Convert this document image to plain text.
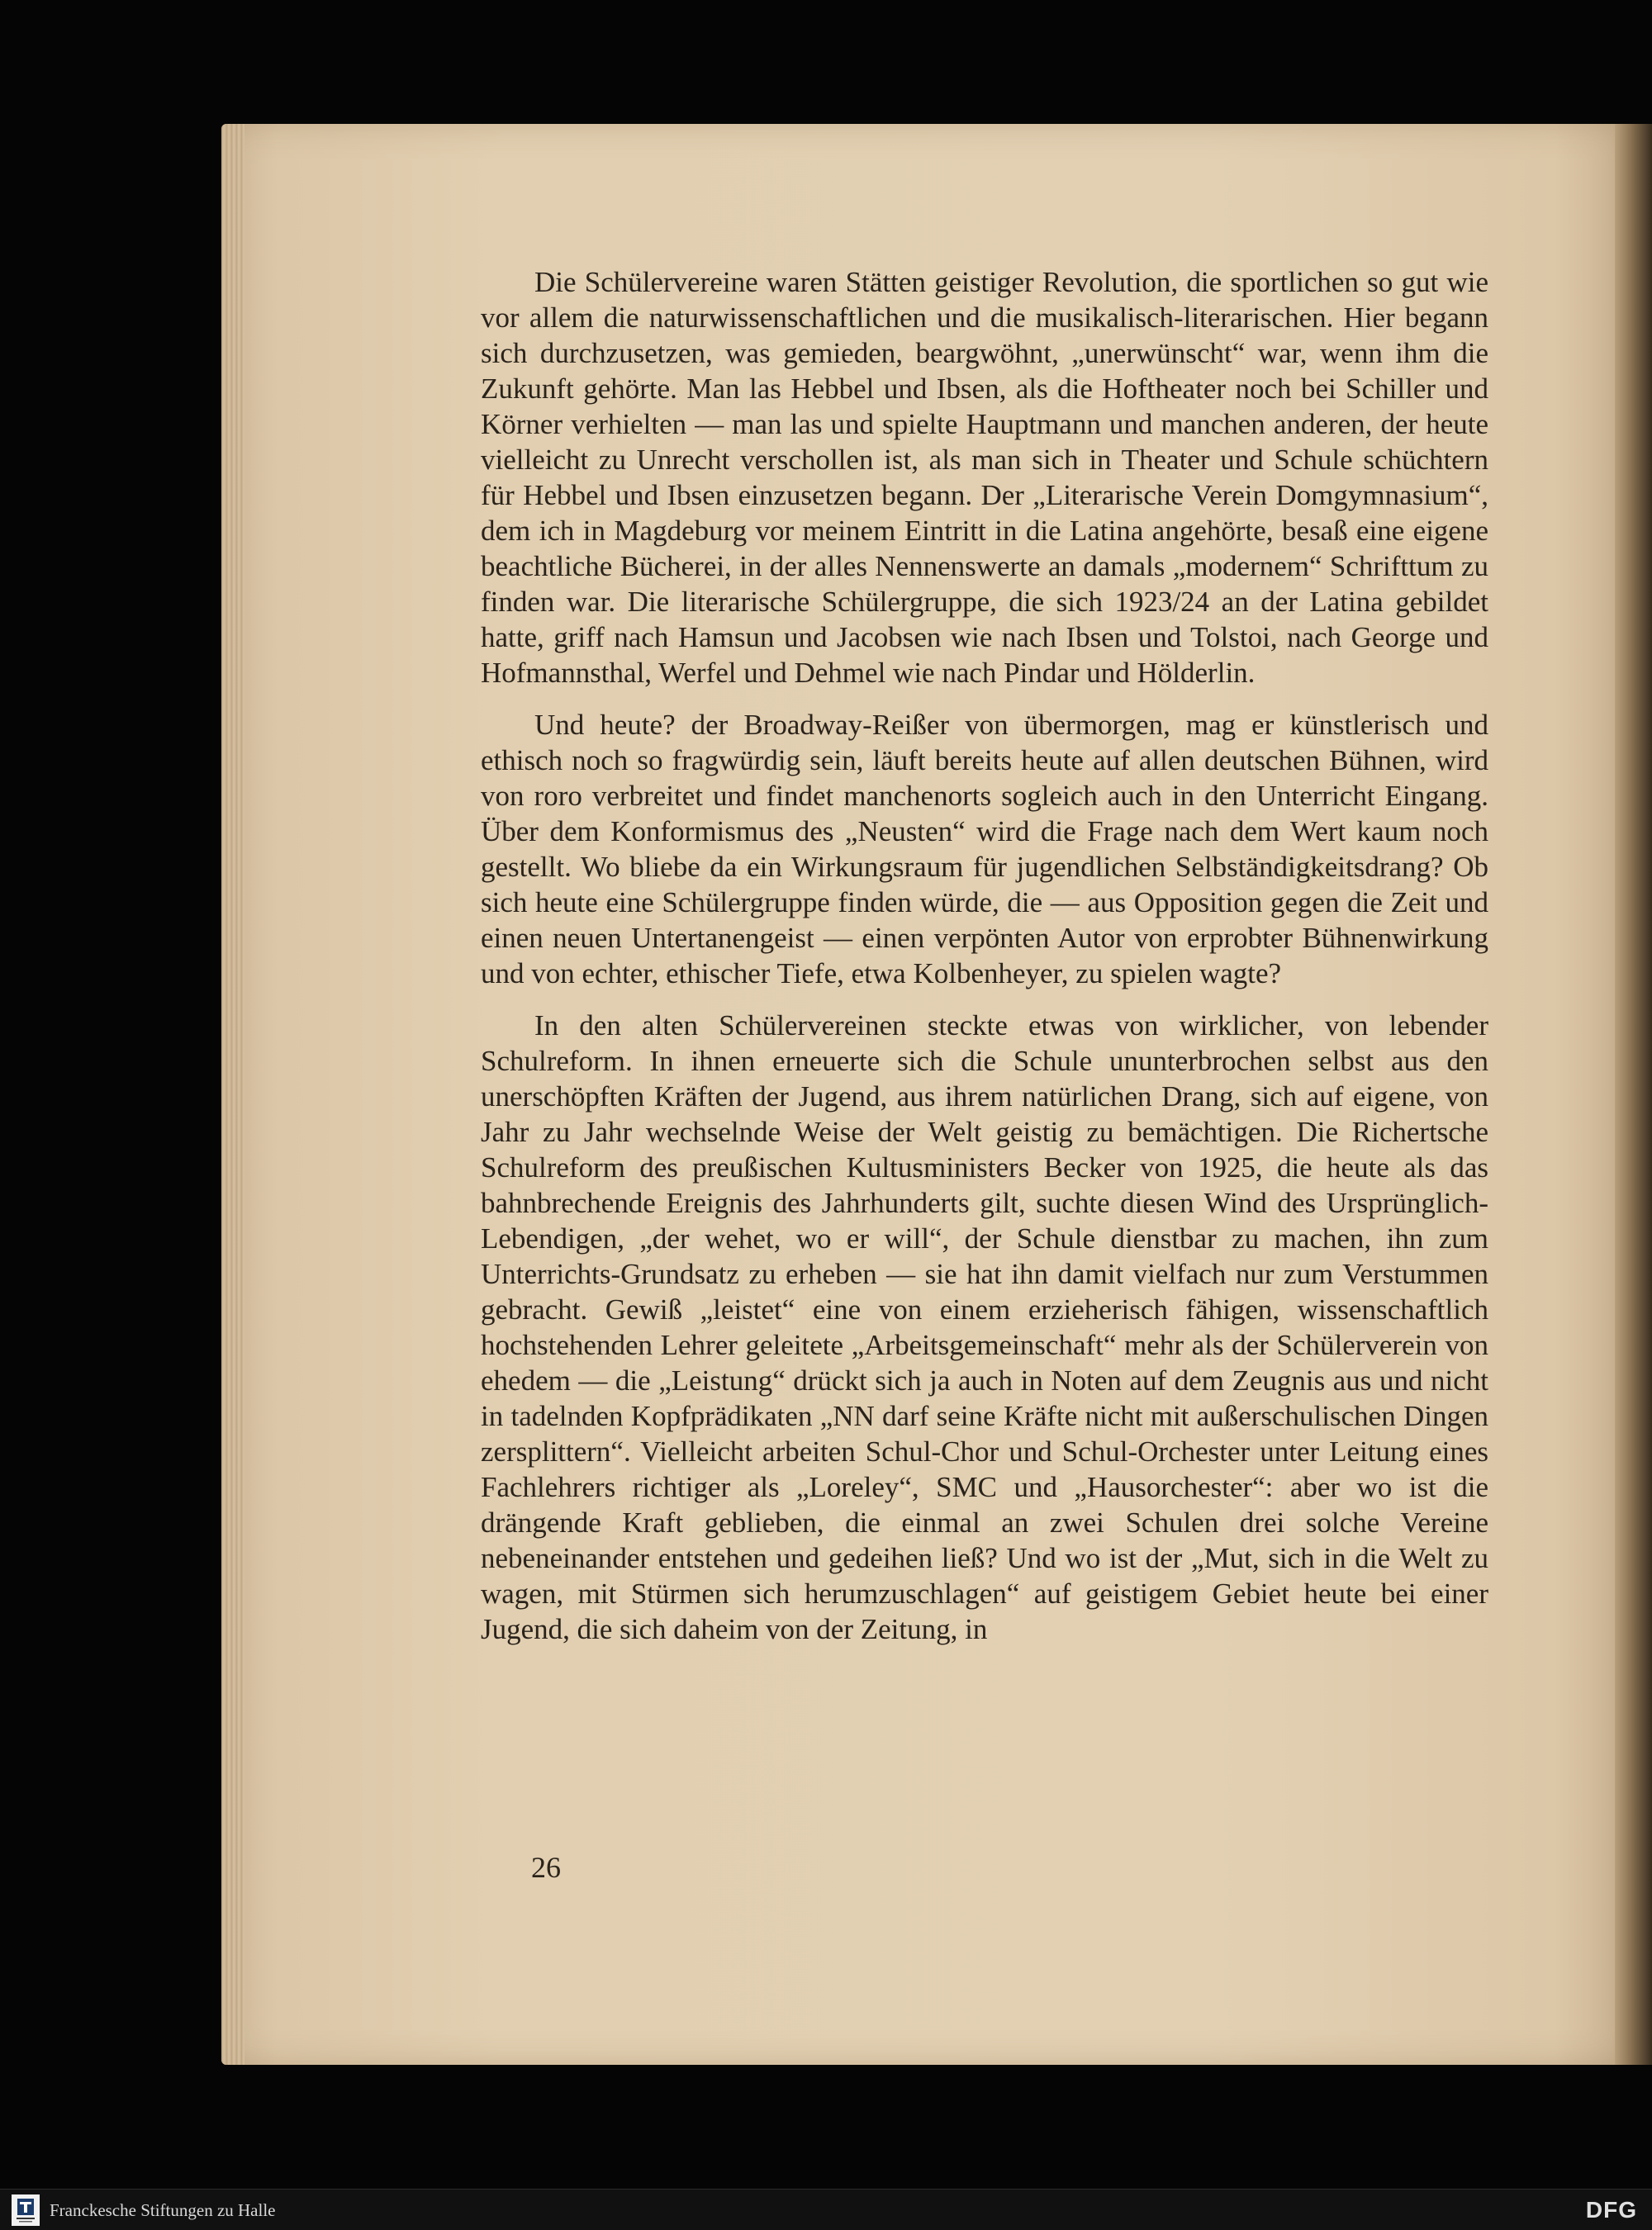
Die Schülervereine waren Stätten geistiger Revolution, die sportlichen so gut wie vor allem die naturwissenschaftlichen und die musikalisch-literarischen. Hier begann sich durchzusetzen, was gemieden, beargwöhnt, „unerwünscht“ war, wenn ihm die Zukunft gehörte. Man las Hebbel und Ibsen, als die Hoftheater noch bei Schiller und Körner verhielten — man las und spielte Hauptmann und manchen anderen, der heute vielleicht zu Unrecht verschollen ist, als man sich in Theater und Schule schüchtern für Hebbel und Ibsen einzusetzen begann. Der „Literarische Verein Domgymnasium“, dem ich in Magdeburg vor meinem Eintritt in die Latina angehörte, besaß eine eigene beachtliche Bücherei, in der alles Nennenswerte an damals „modernem“ Schrifttum zu finden war. Die literarische Schülergruppe, die sich 1923/24 an der Latina gebildet hatte, griff nach Hamsun und Jacobsen wie nach Ibsen und Tolstoi, nach George und Hofmannsthal, Werfel und Dehmel wie nach Pindar und Hölderlin.

Und heute? der Broadway-Reißer von übermorgen, mag er künstlerisch und ethisch noch so fragwürdig sein, läuft bereits heute auf allen deutschen Bühnen, wird von roro verbreitet und findet manchenorts sogleich auch in den Unterricht Eingang. Über dem Konformismus des „Neusten“ wird die Frage nach dem Wert kaum noch gestellt. Wo bliebe da ein Wirkungsraum für jugendlichen Selbständigkeitsdrang? Ob sich heute eine Schülergruppe finden würde, die — aus Opposition gegen die Zeit und einen neuen Untertanengeist — einen verpönten Autor von erprobter Bühnenwirkung und von echter, ethischer Tiefe, etwa Kolbenheyer, zu spielen wagte?

In den alten Schülervereinen steckte etwas von wirklicher, von lebender Schulreform. In ihnen erneuerte sich die Schule ununterbrochen selbst aus den unerschöpften Kräften der Jugend, aus ihrem natürlichen Drang, sich auf eigene, von Jahr zu Jahr wechselnde Weise der Welt geistig zu bemächtigen. Die Richertsche Schulreform des preußischen Kultusministers Becker von 1925, die heute als das bahnbrechende Ereignis des Jahrhunderts gilt, suchte diesen Wind des Ursprünglich-Lebendigen, „der wehet, wo er will“, der Schule dienstbar zu machen, ihn zum Unterrichts-Grundsatz zu erheben — sie hat ihn damit vielfach nur zum Verstummen gebracht. Gewiß „leistet“ eine von einem erzieherisch fähigen, wissenschaftlich hochstehenden Lehrer geleitete „Arbeitsgemeinschaft“ mehr als der Schülerverein von ehedem — die „Leistung“ drückt sich ja auch in Noten auf dem Zeugnis aus und nicht in tadelnden Kopfprädikaten „NN darf seine Kräfte nicht mit außerschulischen Dingen zersplittern“. Vielleicht arbeiten Schul-Chor und Schul-Orchester unter Leitung eines Fachlehrers richtiger als „Loreley“, SMC und „Hausorchester“: aber wo ist die drängende Kraft geblieben, die einmal an zwei Schulen drei solche Vereine nebeneinander entstehen und gedeihen ließ? Und wo ist der „Mut, sich in die Welt zu wagen, mit Stürmen sich herumzuschlagen“ auf geistigem Gebiet heute bei einer Jugend, die sich daheim von der Zeitung, in

26
Franckesche Stiftungen zu Halle	DFG
